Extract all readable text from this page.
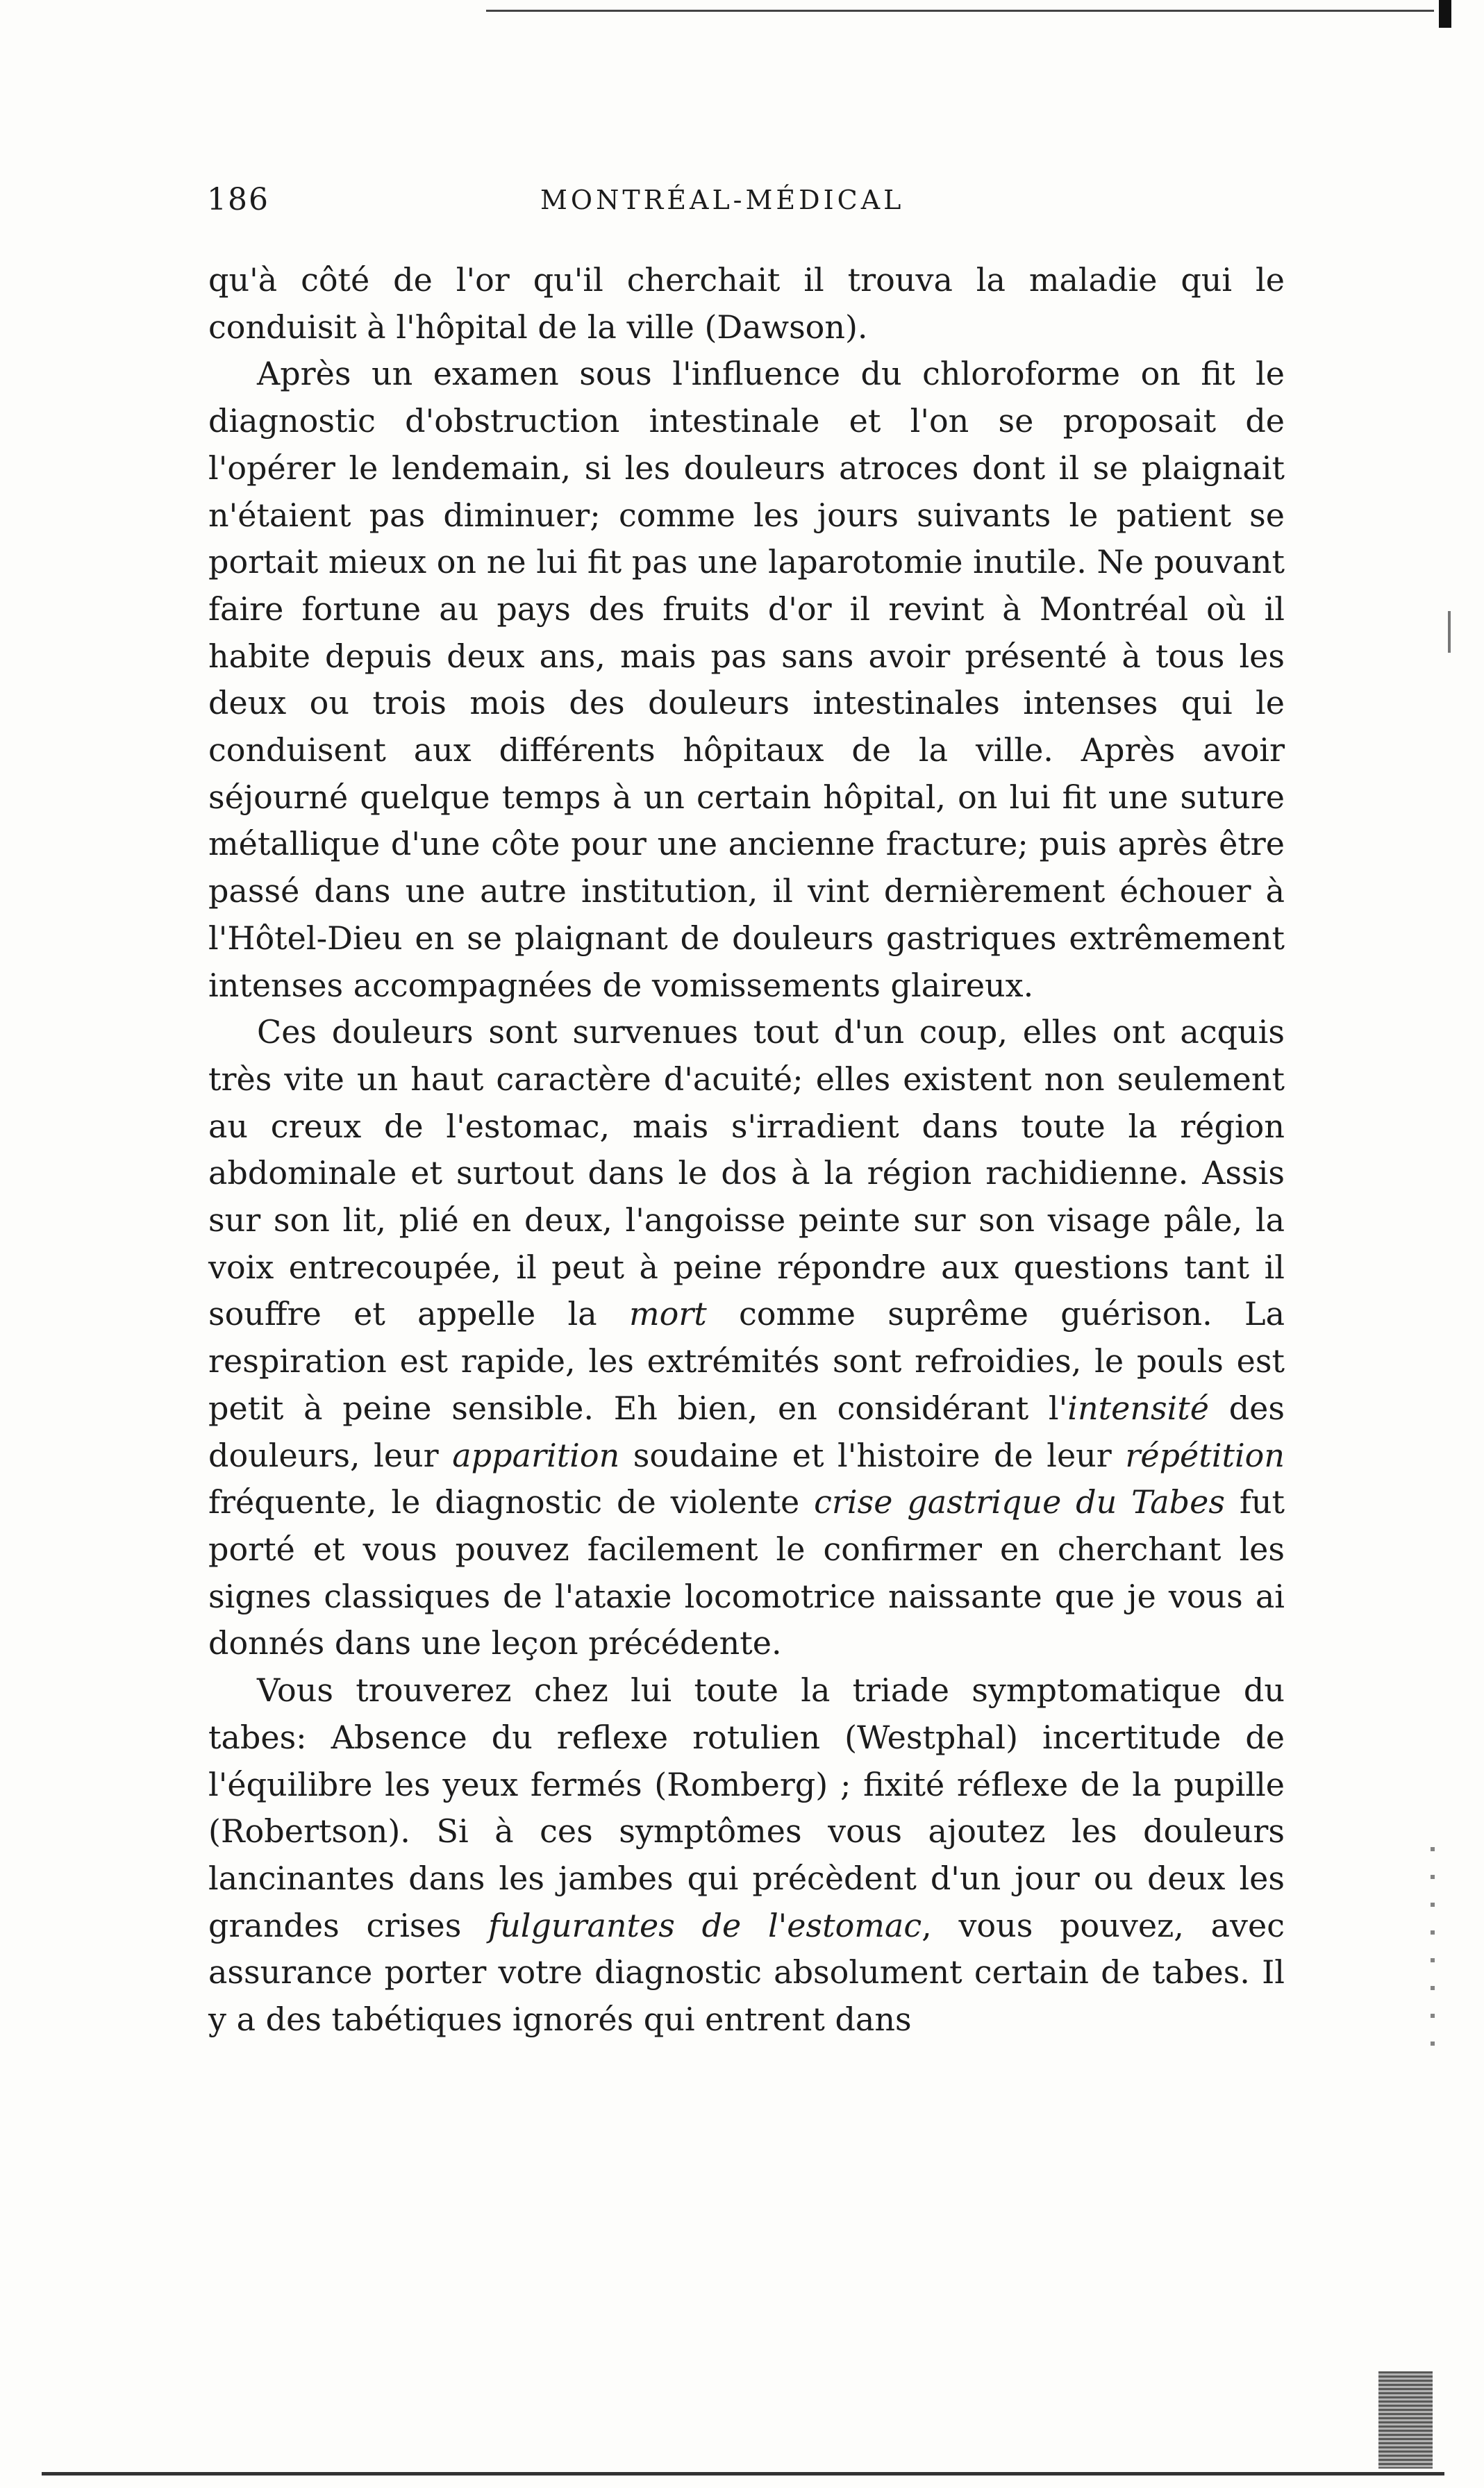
186	MONTRÉAL-MÉDICAL

qu'à côté de l'or qu'il cherchait il trouva la maladie qui le conduisit à l'hôpital de la ville (Dawson).

Après un examen sous l'influence du chloroforme on fit le diagnostic d'obstruction intestinale et l'on se proposait de l'opérer le lendemain, si les douleurs atroces dont il se plaignait n'étaient pas diminuer; comme les jours suivants le patient se portait mieux on ne lui fit pas une laparotomie inutile. Ne pouvant faire fortune au pays des fruits d'or il revint à Montréal où il habite depuis deux ans, mais pas sans avoir présenté à tous les deux ou trois mois des douleurs intestinales intenses qui le conduisent aux différents hôpitaux de la ville. Après avoir séjourné quelque temps à un certain hôpital, on lui fit une suture métallique d'une côte pour une ancienne fracture; puis après être passé dans une autre institution, il vint dernièrement échouer à l'Hôtel-Dieu en se plaignant de douleurs gastriques extrêmement intenses accompagnées de vomissements glaireux.

Ces douleurs sont survenues tout d'un coup, elles ont acquis très vite un haut caractère d'acuité; elles existent non seulement au creux de l'estomac, mais s'irradient dans toute la région abdominale et surtout dans le dos à la région rachidienne. Assis sur son lit, plié en deux, l'angoisse peinte sur son visage pâle, la voix entrecoupée, il peut à peine répondre aux questions tant il souffre et appelle la mort comme suprême guérison. La respiration est rapide, les extrémités sont refroidies, le pouls est petit à peine sensible. Eh bien, en considérant l'intensité des douleurs, leur apparition soudaine et l'histoire de leur répétition fréquente, le diagnostic de violente crise gastrique du Tabes fut porté et vous pouvez facilement le confirmer en cherchant les signes classiques de l'ataxie locomotrice naissante que je vous ai donnés dans une leçon précédente.

Vous trouverez chez lui toute la triade symptomatique du tabes: Absence du reflexe rotulien (Westphal) incertitude de l'équilibre les yeux fermés (Romberg) ; fixité réflexe de la pupille (Robertson). Si à ces symptômes vous ajoutez les douleurs lancinantes dans les jambes qui précèdent d'un jour ou deux les grandes crises fulgurantes de l'estomac, vous pouvez, avec assurance porter votre diagnostic absolument certain de tabes. Il y a des tabétiques ignorés qui entrent dans
